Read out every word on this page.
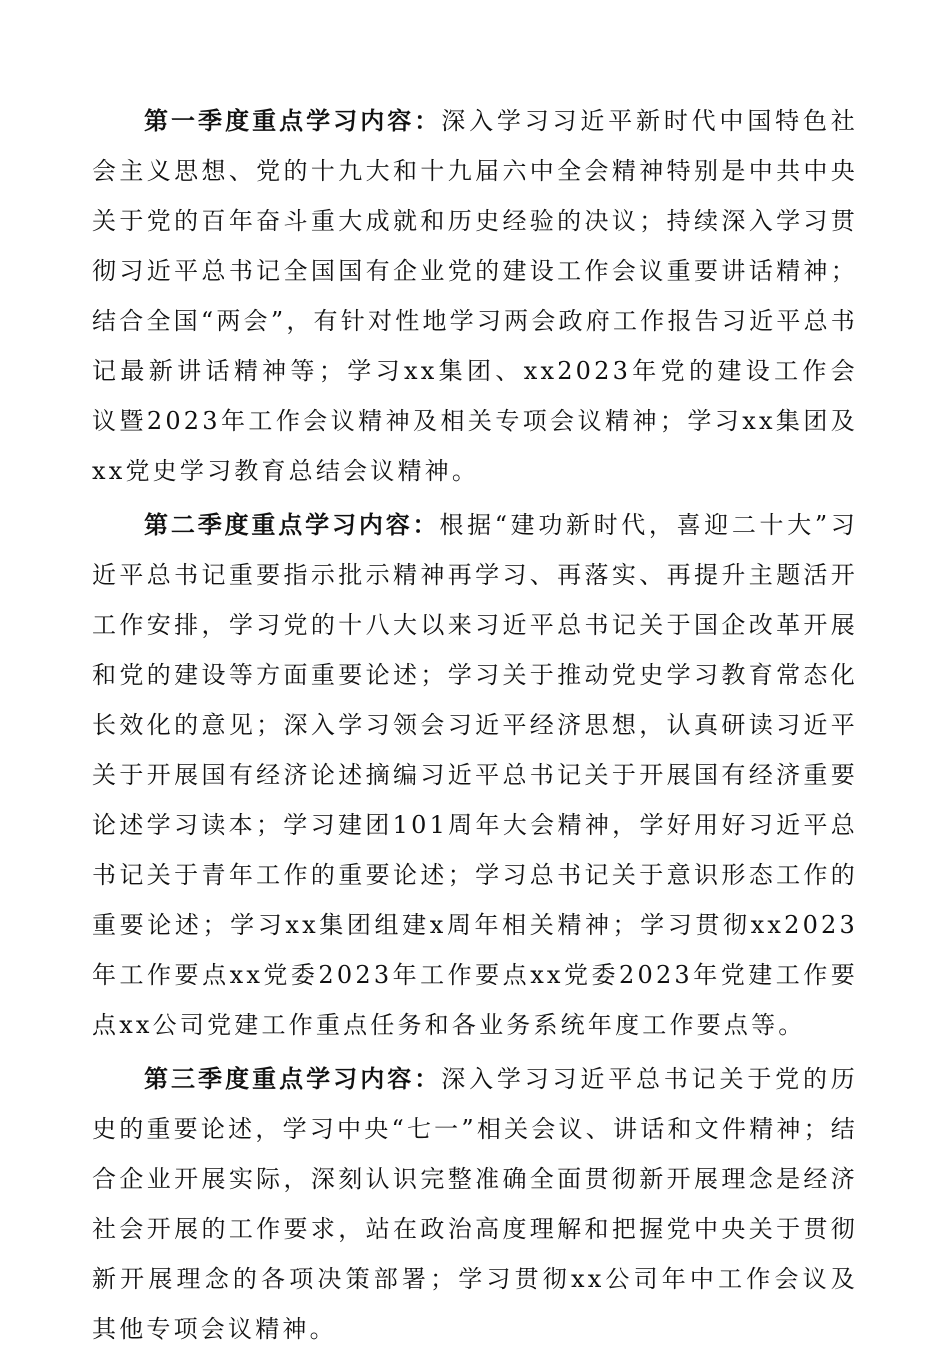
第一季度重点学习内容：深入学习习近平新时代中国特色社会主义思想、党的十九大和十九届六中全会精神特别是中共中央关于党的百年奋斗重大成就和历史经验的决议；持续深入学习贯彻习近平总书记全国国有企业党的建设工作会议重要讲话精神；结合全国“两会”，有针对性地学习两会政府工作报告习近平总书记最新讲话精神等；学习xx集团、xx2023年党的建设工作会议暨2023年工作会议精神及相关专项会议精神；学习xx集团及xx党史学习教育总结会议精神。

第二季度重点学习内容：根据“建功新时代，喜迎二十大”习近平总书记重要指示批示精神再学习、再落实、再提升主题活开工作安排，学习党的十八大以来习近平总书记关于国企改革开展和党的建设等方面重要论述；学习关于推动党史学习教育常态化长效化的意见；深入学习领会习近平经济思想，认真研读习近平关于开展国有经济论述摘编习近平总书记关于开展国有经济重要论述学习读本；学习建团101周年大会精神，学好用好习近平总书记关于青年工作的重要论述；学习总书记关于意识形态工作的重要论述；学习xx集团组建x周年相关精神；学习贯彻xx2023年工作要点xx党委2023年工作要点xx党委2023年党建工作要点xx公司党建工作重点任务和各业务系统年度工作要点等。

第三季度重点学习内容：深入学习习近平总书记关于党的历史的重要论述，学习中央“七一”相关会议、讲话和文件精神；结合企业开展实际，深刻认识完整准确全面贯彻新开展理念是经济社会开展的工作要求，站在政治高度理解和把握党中央关于贯彻新开展理念的各项决策部署；学习贯彻xx公司年中工作会议及其他专项会议精神。
